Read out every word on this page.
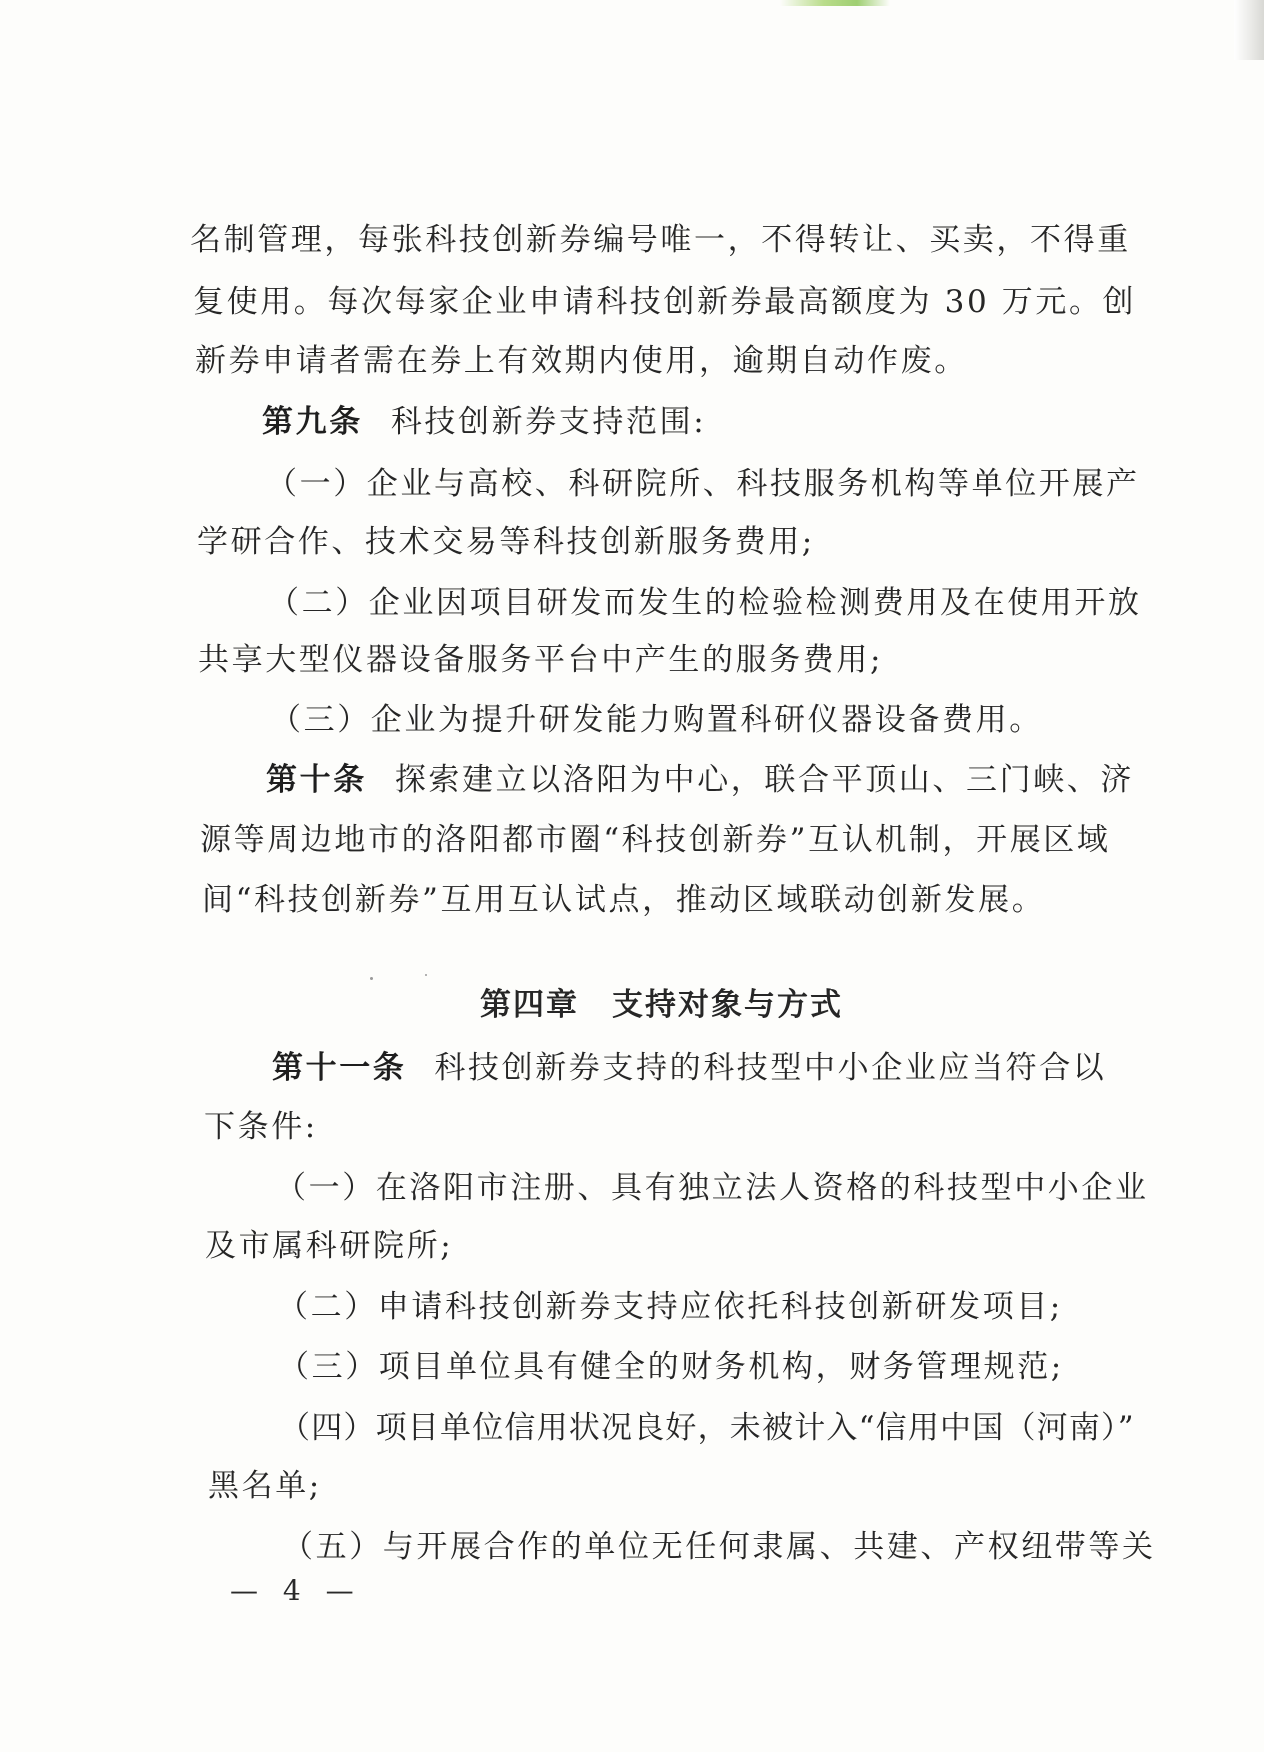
名制管理，每张科技创新券编号唯一，不得转让、买卖，不得重
复使用。每次每家企业申请科技创新券最高额度为 30 万元。创
新券申请者需在券上有效期内使用，逾期自动作废。
第九条 科技创新券支持范围:
（一）企业与高校、科研院所、科技服务机构等单位开展产
学研合作、技术交易等科技创新服务费用;
（二）企业因项目研发而发生的检验检测费用及在使用开放
共享大型仪器设备服务平台中产生的服务费用;
（三）企业为提升研发能力购置科研仪器设备费用。
第十条 探索建立以洛阳为中心，联合平顶山、三门峡、济
源等周边地市的洛阳都市圈“科技创新券”互认机制，开展区域
间“科技创新券”互用互认试点，推动区域联动创新发展。
第四章　支持对象与方式
第十一条 科技创新券支持的科技型中小企业应当符合以
下条件:
（一）在洛阳市注册、具有独立法人资格的科技型中小企业
及市属科研院所;
（二）申请科技创新券支持应依托科技创新研发项目;
（三）项目单位具有健全的财务机构，财务管理规范;
（四）项目单位信用状况良好，未被计入“信用中国（河南）”
黑名单;
（五）与开展合作的单位无任何隶属、共建、产权纽带等关
— 4 —
